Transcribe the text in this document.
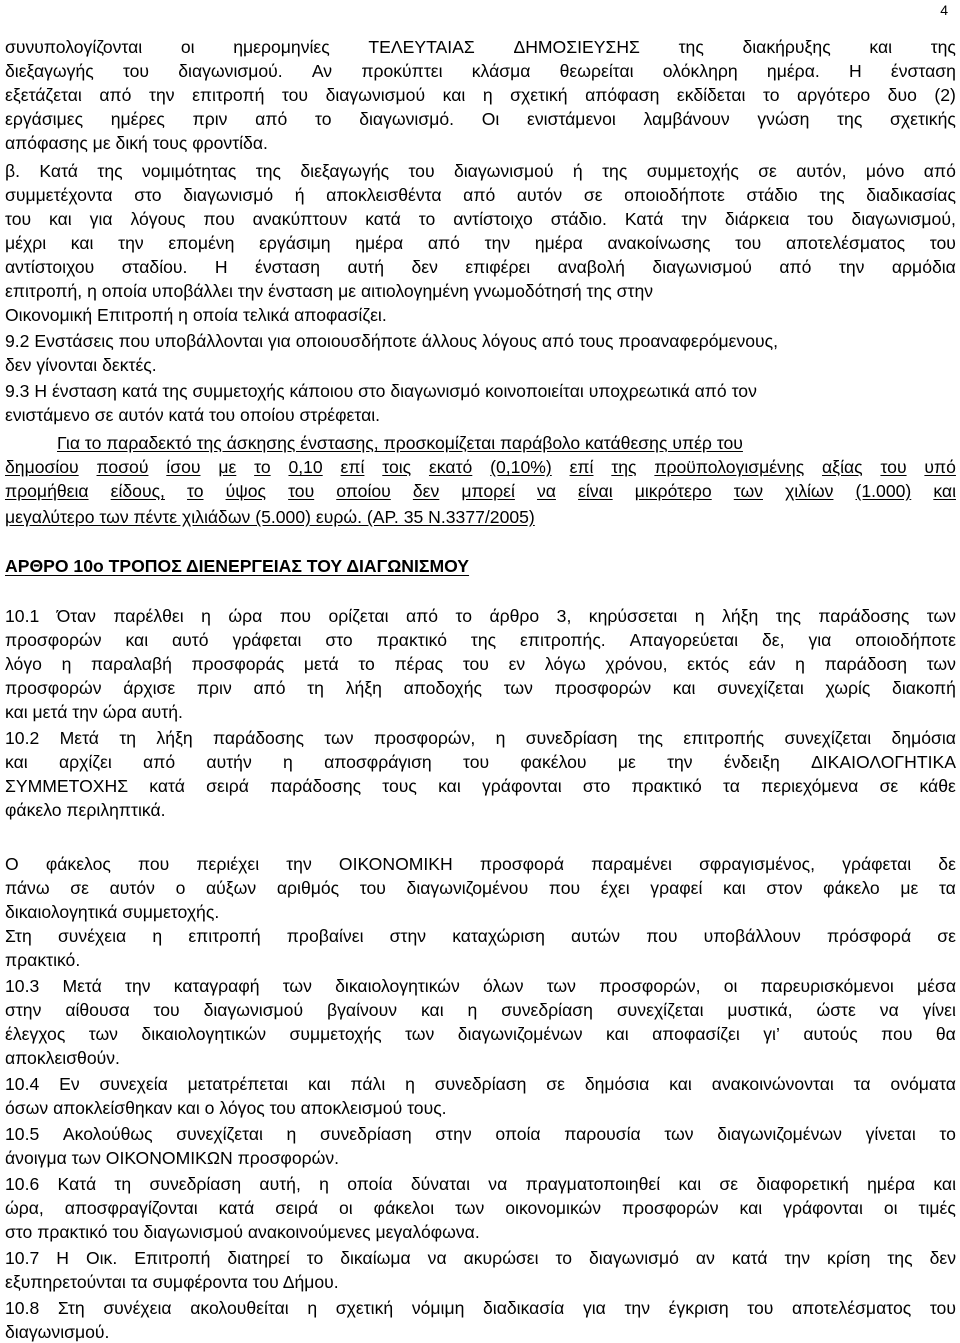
4
συνυπολογίζονται οι ημερομηνίες ΤΕΛΕΥΤΑΙΑΣ ΔΗΜΟΣΙΕΥΣΗΣ της διακήρυξης και της
διεξαγωγής του διαγωνισμού. Αν προκύπτει κλάσμα θεωρείται ολόκληρη ημέρα. Η ένσταση
εξετάζεται από την επιτροπή του διαγωνισμού και η σχετική απόφαση εκδίδεται το αργότερο δυο (2)
εργάσιμες ημέρες πριν από το διαγωνισμό. Οι ενιστάμενοι λαμβάνουν γνώση της σχετικής
απόφασης με δική τους φροντίδα.
β. Κατά της νομιμότητας της διεξαγωγής του διαγωνισμού ή της συμμετοχής σε αυτόν, μόνο από
συμμετέχοντα στο διαγωνισμό ή αποκλεισθέντα από αυτόν σε οποιοδήποτε στάδιο της διαδικασίας
του και για λόγους που ανακύπτουν κατά το αντίστοιχο στάδιο. Κατά την διάρκεια του διαγωνισμού,
μέχρι και την επομένη εργάσιμη ημέρα από την ημέρα ανακοίνωσης του αποτελέσματος του
αντίστοιχου σταδίου. Η ένσταση αυτή δεν επιφέρει αναβολή διαγωνισμού από την αρμόδια
επιτροπή, η οποία υποβάλλει την ένσταση με αιτιολογημένη γνωμοδότησή της στην
Οικονομική Επιτροπή η οποία τελικά αποφασίζει.
9.2 Ενστάσεις που υποβάλλονται για οποιουσδήποτε άλλους λόγους από τους προαναφερόμενους,
δεν γίνονται δεκτές.
9.3 Η ένσταση κατά της συμμετοχής κάποιου στο διαγωνισμό κοινοποιείται υποχρεωτικά από τον
ενιστάμενο σε αυτόν κατά του οποίου στρέφεται.
Για το παραδεκτό της άσκησης ένστασης, προσκομίζεται παράβολο κατάθεσης υπέρ του
δημοσίου ποσού ίσου με το 0,10 επί τοις εκατό (0,10%) επί της προϋπολογισμένης αξίας του υπό
προμήθεια είδους, το ύψος του οποίου δεν μπορεί να είναι μικρότερο των χιλίων (1.000) και
μεγαλύτερο των πέντε χιλιάδων (5.000) ευρώ. (ΑΡ. 35 Ν.3377/2005)
ΑΡΘΡΟ 10ο ΤΡΟΠΟΣ ΔΙΕΝΕΡΓΕΙΑΣ ΤΟΥ ΔΙΑΓΩΝΙΣΜΟΥ
10.1 Όταν παρέλθει η ώρα που ορίζεται από το άρθρο 3, κηρύσσεται η λήξη της παράδοσης των
προσφορών και αυτό γράφεται στο πρακτικό της επιτροπής. Απαγορεύεται δε, για οποιοδήποτε
λόγο η παραλαβή προσφοράς μετά το πέρας του εν λόγω χρόνου, εκτός εάν η παράδοση των
προσφορών άρχισε πριν από τη λήξη αποδοχής των προσφορών και συνεχίζεται χωρίς διακοπή
και μετά την ώρα αυτή.
10.2 Μετά τη λήξη παράδοσης των προσφορών, η συνεδρίαση της επιτροπής συνεχίζεται δημόσια
και αρχίζει από αυτήν η αποσφράγιση του φακέλου με την ένδειξη ΔΙΚΑΙΟΛΟΓΗΤΙΚΑ
ΣΥΜΜΕΤΟΧΗΣ κατά σειρά παράδοσης τους και γράφονται στο πρακτικό τα περιεχόμενα σε κάθε
φάκελο περιληπτικά.
Ο φάκελος που περιέχει την ΟΙΚΟΝΟΜΙΚΗ προσφορά παραμένει σφραγισμένος, γράφεται δε
πάνω σε αυτόν ο αύξων αριθμός του διαγωνιζομένου που έχει γραφεί και στον φάκελο με τα
δικαιολογητικά συμμετοχής.
Στη συνέχεια η επιτροπή προβαίνει στην καταχώριση αυτών που υποβάλλουν πρόσφορά σε
πρακτικό.
10.3 Μετά την καταγραφή των δικαιολογητικών όλων των προσφορών, οι παρευρισκόμενοι μέσα
στην αίθουσα του διαγωνισμού βγαίνουν και η συνεδρίαση συνεχίζεται μυστικά, ώστε να γίνει
έλεγχος των δικαιολογητικών συμμετοχής των διαγωνιζομένων και αποφασίζει γι’ αυτούς που θα
αποκλεισθούν.
10.4 Εν συνεχεία μετατρέπεται και πάλι η συνεδρίαση σε δημόσια και ανακοινώνονται τα ονόματα
όσων αποκλείσθηκαν και ο λόγος του αποκλεισμού τους.
10.5 Ακολούθως συνεχίζεται η συνεδρίαση στην οποία παρουσία των διαγωνιζομένων γίνεται το
άνοιγμα των ΟΙΚΟΝΟΜΙΚΩΝ προσφορών.
10.6 Κατά τη συνεδρίαση αυτή, η οποία δύναται να πραγματοποιηθεί και σε διαφορετική ημέρα και
ώρα, αποσφραγίζονται κατά σειρά οι φάκελοι των οικονομικών προσφορών και γράφονται οι τιμές
στο πρακτικό του διαγωνισμού ανακοινούμενες μεγαλόφωνα.
10.7 Η Οικ. Επιτροπή διατηρεί το δικαίωμα να ακυρώσει το διαγωνισμό αν κατά την κρίση της δεν
εξυπηρετούνται τα συμφέροντα του Δήμου.
10.8 Στη συνέχεια ακολουθείται η σχετική νόμιμη διαδικασία για την έγκριση του αποτελέσματος του
διαγωνισμού.
